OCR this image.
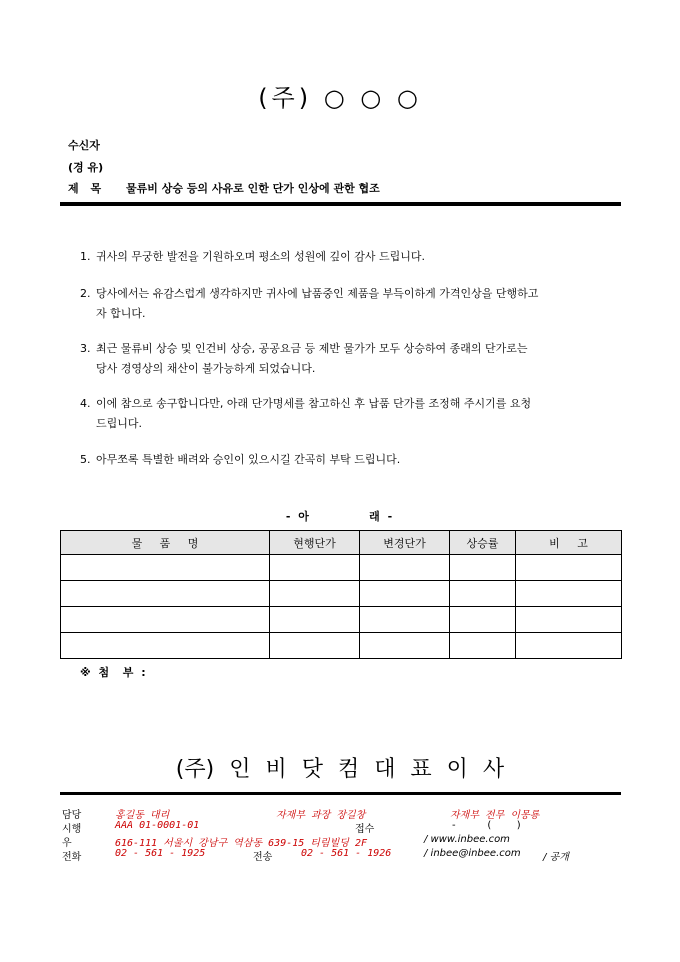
(주) ○ ○ ○
수신자
(경 유)
제 목 물류비 상승 등의 사유로 인한 단가 인상에 관한 협조
1. 귀사의 무궁한 발전을 기원하오며 평소의 성원에 깊이 감사 드립니다.
2. 당사에서는 유감스럽게 생각하지만 귀사에 납품중인 제품을 부득이하게 가격인상을 단행하고
자 합니다.
3. 최근 물류비 상승 및 인건비 상승, 공공요금 등 제반 물가가 모두 상승하여 종래의 단가로는
당사 경영상의 채산이 불가능하게 되었습니다.
4. 이에 참으로 송구합니다만, 아래 단가명세를 참고하신 후 납품 단가를 조정해 주시기를 요청
드립니다.
5. 아무쪼록 특별한 배려와 승인이 있으시길 간곡히 부탁 드립니다.
- 아          래 -
물     품     명	현행단가	변경단가	상승률	비     고

※ 첨  부 :
(주) 인 비 닷 컴 대 표 이 사
담당	홍길동 대리	자재부 과장 장길창	자재부 전무 이몽룡
시행	AAA 01-0001-01	접수	-          (        )
우	616-111 서울시 강남구 역삼동 639-15 티림빌딩 2F	/ www.inbee.com
전화	02 - 561 - 1925	전송	02 - 561 - 1926	/ inbee@inbee.com / 공개
